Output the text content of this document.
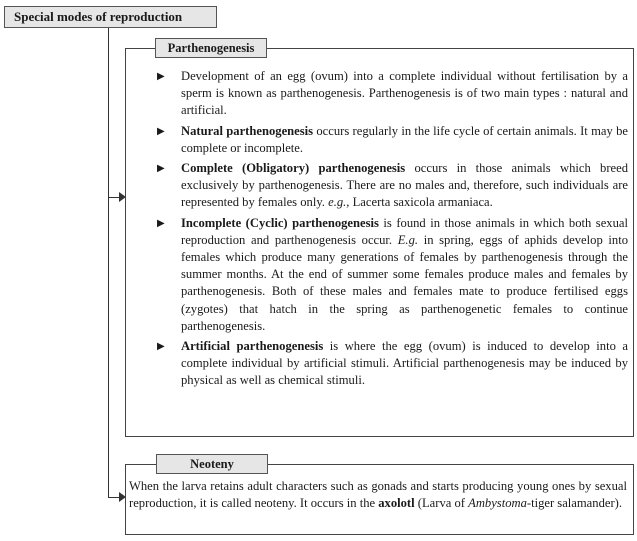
Special modes of reproduction
Parthenogenesis
▶ Development of an egg (ovum) into a complete individual without fertilisation by a sperm is known as parthenogenesis. Parthenogenesis is of two main types : natural and artificial.
▶ Natural parthenogenesis occurs regularly in the life cycle of certain animals. It may be complete or incomplete.
▶ Complete (Obligatory) parthenogenesis occurs in those animals which breed exclusively by parthenogenesis. There are no males and, therefore, such individuals are represented by females only. e.g., Lacerta saxicola armaniaca.
▶ Incomplete (Cyclic) parthenogenesis is found in those animals in which both sexual reproduction and parthenogenesis occur. E.g. in spring, eggs of aphids develop into females which produce many generations of females by parthenogenesis through the summer months. At the end of summer some females produce males and females by parthenogenesis. Both of these males and females mate to produce fertilised eggs (zygotes) that hatch in the spring as parthenogenetic females to continue parthenogenesis.
▶ Artificial parthenogenesis is where the egg (ovum) is induced to develop into a complete individual by artificial stimuli. Artificial parthenogenesis may be induced by physical as well as chemical stimuli.
Neoteny
When the larva retains adult characters such as gonads and starts producing young ones by sexual reproduction, it is called neoteny. It occurs in the axolotl (Larva of Ambystoma-tiger salamander).
